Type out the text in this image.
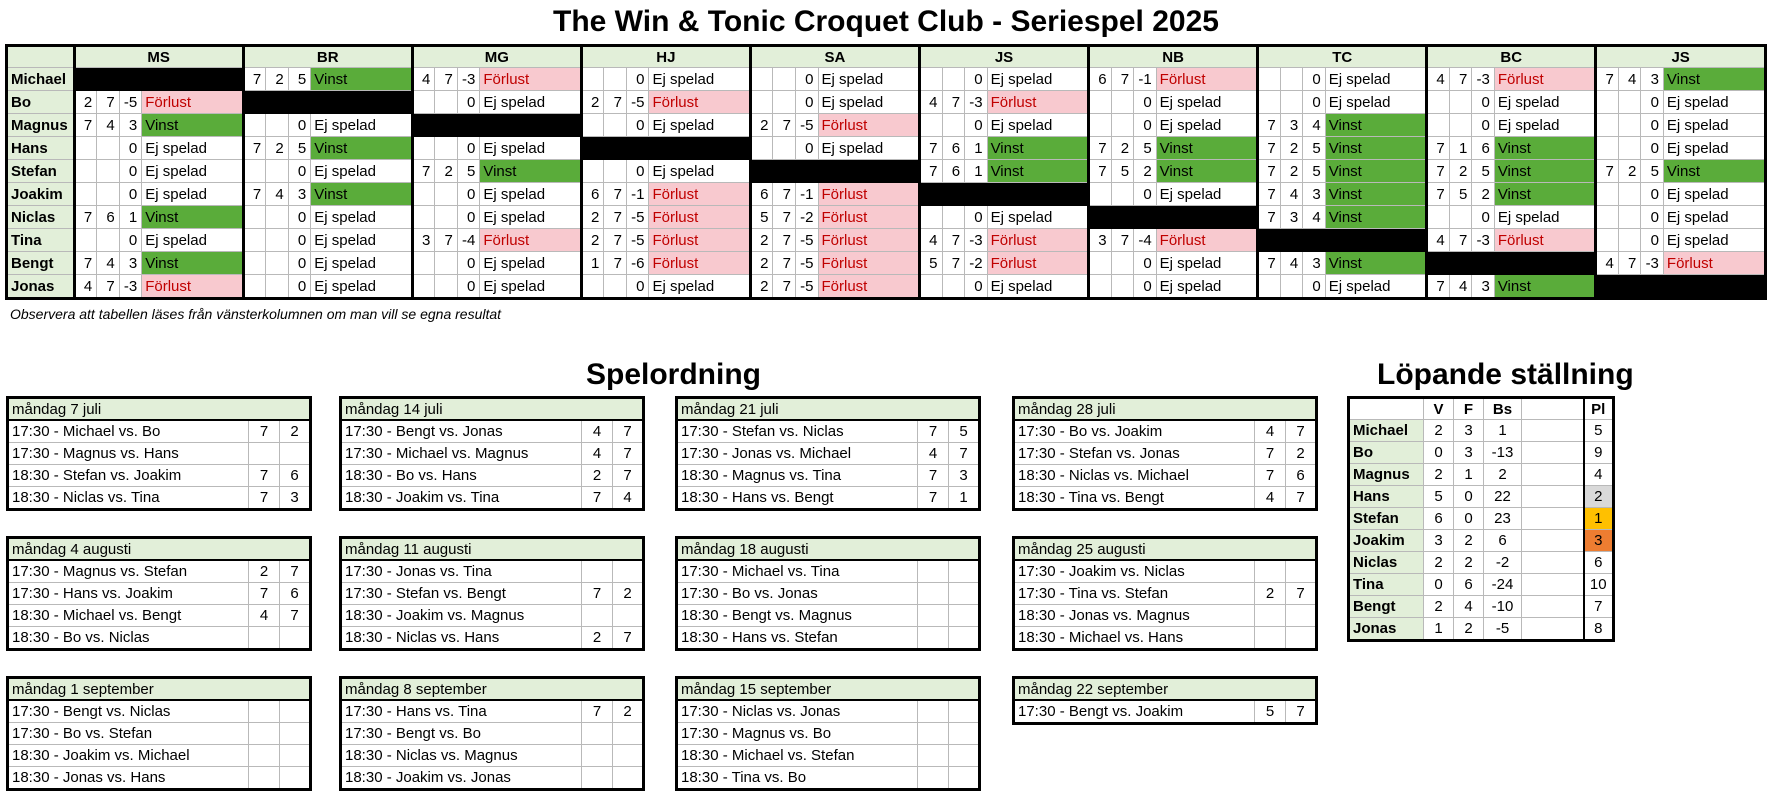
The Win & Tonic Croquet Club - Seriespel 2025
	MS				BR				MG				HJ				SA				JS				NB				TC				BC				JS			
Michael					7	2	5	Vinst	4	7	-3	Förlust			0	Ej spelad			0	Ej spelad			0	Ej spelad	6	7	-1	Förlust			0	Ej spelad	4	7	-3	Förlust	7	4	3	Vinst
Bo	2	7	-5	Förlust							0	Ej spelad	2	7	-5	Förlust			0	Ej spelad	4	7	-3	Förlust			0	Ej spelad			0	Ej spelad			0	Ej spelad			0	Ej spelad
Magnus	7	4	3	Vinst			0	Ej spelad							0	Ej spelad	2	7	-5	Förlust			0	Ej spelad			0	Ej spelad	7	3	4	Vinst			0	Ej spelad			0	Ej spelad
Hans			0	Ej spelad	7	2	5	Vinst			0	Ej spelad							0	Ej spelad	7	6	1	Vinst	7	2	5	Vinst	7	2	5	Vinst	7	1	6	Vinst			0	Ej spelad
Stefan			0	Ej spelad			0	Ej spelad	7	2	5	Vinst			0	Ej spelad					7	6	1	Vinst	7	5	2	Vinst	7	2	5	Vinst	7	2	5	Vinst	7	2	5	Vinst
Joakim			0	Ej spelad	7	4	3	Vinst			0	Ej spelad	6	7	-1	Förlust	6	7	-1	Förlust							0	Ej spelad	7	4	3	Vinst	7	5	2	Vinst			0	Ej spelad
Niclas	7	6	1	Vinst			0	Ej spelad			0	Ej spelad	2	7	-5	Förlust	5	7	-2	Förlust			0	Ej spelad					7	3	4	Vinst			0	Ej spelad			0	Ej spelad
Tina			0	Ej spelad			0	Ej spelad	3	7	-4	Förlust	2	7	-5	Förlust	2	7	-5	Förlust	4	7	-3	Förlust	3	7	-4	Förlust					4	7	-3	Förlust			0	Ej spelad
Bengt	7	4	3	Vinst			0	Ej spelad			0	Ej spelad	1	7	-6	Förlust	2	7	-5	Förlust	5	7	-2	Förlust			0	Ej spelad	7	4	3	Vinst					4	7	-3	Förlust
Jonas	4	7	-3	Förlust			0	Ej spelad			0	Ej spelad			0	Ej spelad	2	7	-5	Förlust			0	Ej spelad			0	Ej spelad			0	Ej spelad	7	4	3	Vinst				
Observera att tabellen läses från vänsterkolumnen om man vill se egna resultat
Spelordning	Löpande ställning
måndag 7 juli		
17:30 - Michael vs. Bo	7	2
17:30 - Magnus vs. Hans		
18:30 - Stefan vs. Joakim	7	6
18:30 - Niclas vs. Tina	7	3
måndag 14 juli		
17:30 - Bengt vs. Jonas	4	7
17:30 - Michael vs. Magnus	4	7
18:30 - Bo vs. Hans	2	7
18:30 - Joakim vs. Tina	7	4
måndag 21 juli		
17:30 - Stefan vs. Niclas	7	5
17:30 - Jonas vs. Michael	4	7
18:30 - Magnus vs. Tina	7	3
18:30 - Hans vs. Bengt	7	1
måndag 28 juli		
17:30 - Bo vs. Joakim	4	7
17:30 - Stefan vs. Jonas	7	2
18:30 - Niclas vs. Michael	7	6
18:30 - Tina vs. Bengt	4	7
måndag 4 augusti		
17:30 - Magnus vs. Stefan	2	7
17:30 - Hans vs. Joakim	7	6
18:30 - Michael vs. Bengt	4	7
18:30 - Bo vs. Niclas		
måndag 11 augusti		
17:30 - Jonas vs. Tina		
17:30 - Stefan vs. Bengt	7	2
18:30 - Joakim vs. Magnus		
18:30 - Niclas vs. Hans	2	7
måndag 18 augusti		
17:30 - Michael vs. Tina		
17:30 - Bo vs. Jonas		
18:30 - Bengt vs. Magnus		
18:30 - Hans vs. Stefan		
måndag 25 augusti		
17:30 - Joakim vs. Niclas		
17:30 - Tina vs. Stefan	2	7
18:30 - Jonas vs. Magnus		
18:30 - Michael vs. Hans		
måndag 1 september		
17:30 - Bengt vs. Niclas		
17:30 - Bo vs. Stefan		
18:30 - Joakim vs. Michael		
18:30 - Jonas vs. Hans		
måndag 8 september		
17:30 - Hans vs. Tina	7	2
17:30 - Bengt vs. Bo		
18:30 - Niclas vs. Magnus		
18:30 - Joakim vs. Jonas		
måndag 15 september		
17:30 - Niclas vs. Jonas		
17:30 - Magnus vs. Bo		
18:30 - Michael vs. Stefan		
18:30 - Tina vs. Bo		
måndag 22 september
17:30 - Bengt vs. Joakim	5	7
	V	F	Bs		Pl
Michael	2	3	1		5
Bo	0	3	-13		9
Magnus	2	1	2		4
Hans	5	0	22		2
Stefan	6	0	23		1
Joakim	3	2	6		3
Niclas	2	2	-2		6
Tina	0	6	-24		10
Bengt	2	4	-10		7
Jonas	1	2	-5		8
